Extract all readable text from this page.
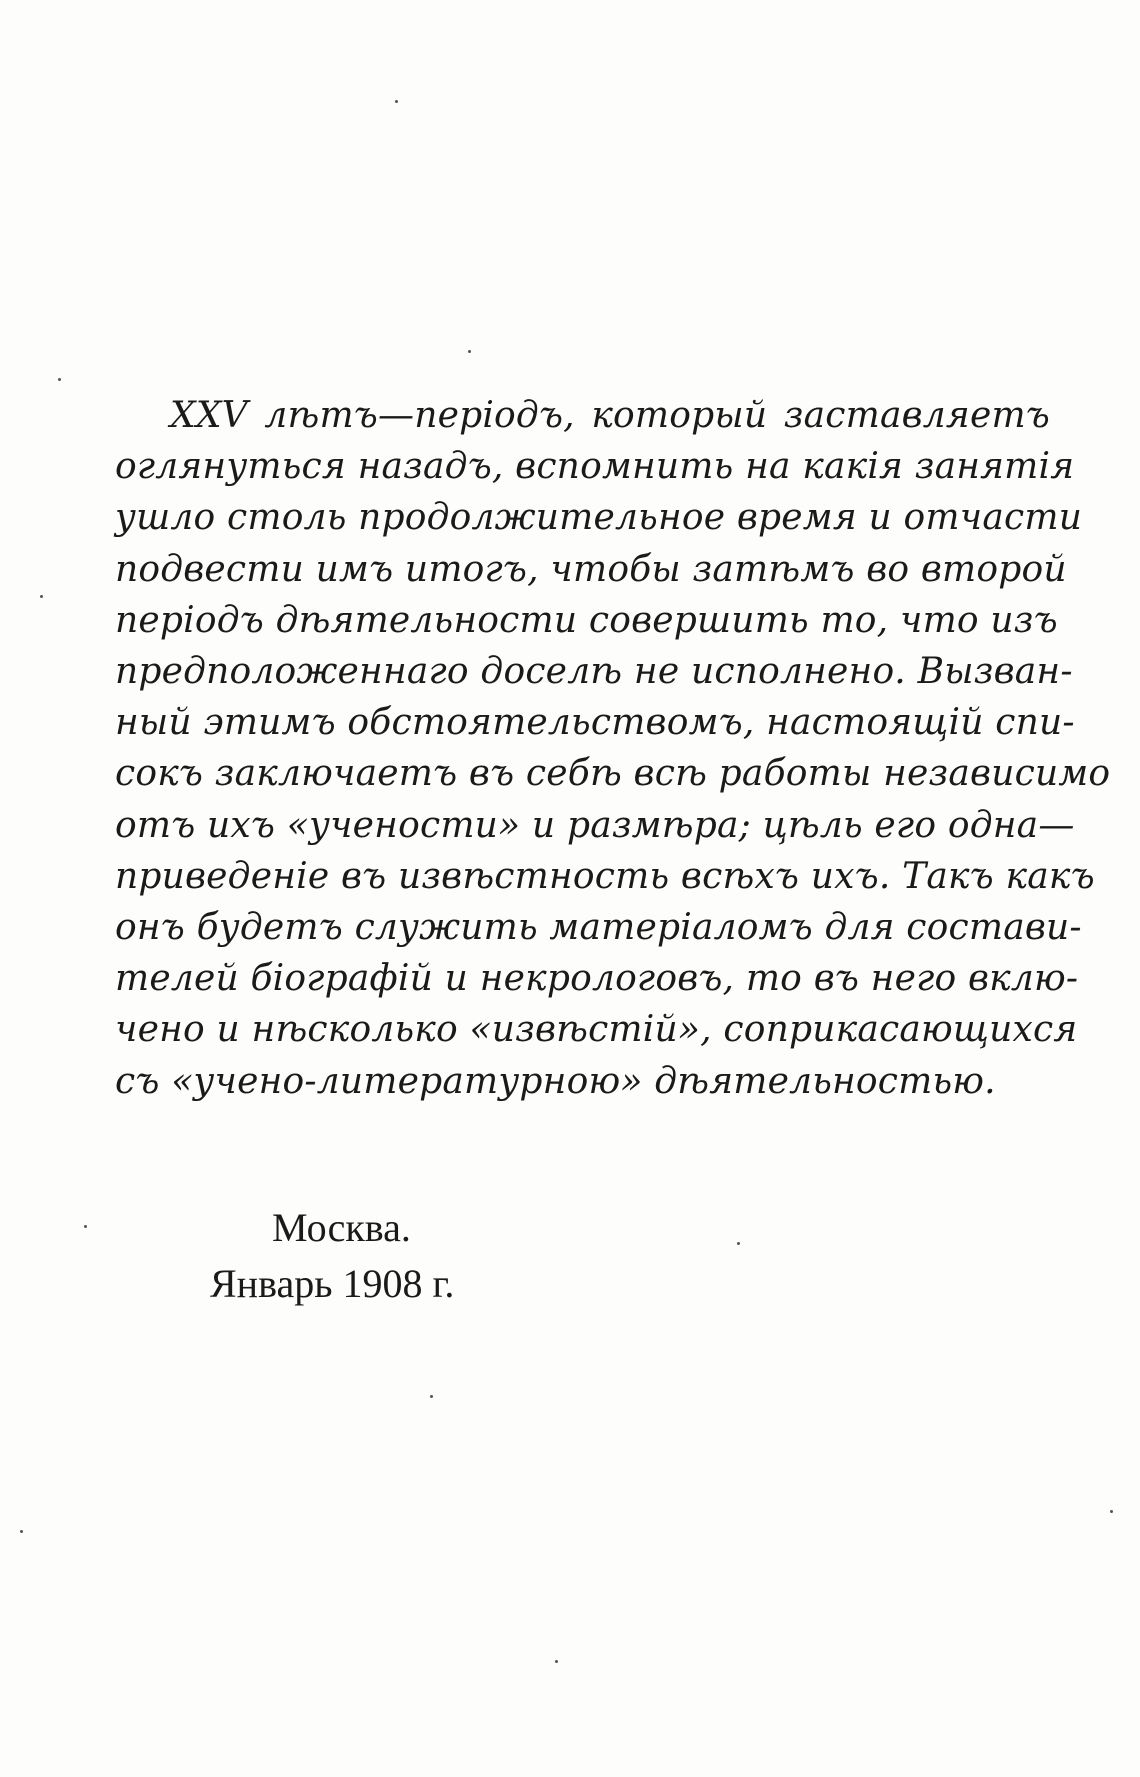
XXV лѣтъ—періодъ, который заставляетъ
оглянуться назадъ, вспомнить на какія занятія
ушло столь продолжительное время и отчасти
подвести имъ итогъ, чтобы затѣмъ во второй
періодъ дѣятельности совершить то, что изъ
предположеннаго доселѣ не исполнено. Вызван-
ный этимъ обстоятельствомъ, настоящій спи-
сокъ заключаетъ въ себѣ всѣ работы независимо
отъ ихъ «учености» и размѣра; цѣль его одна—
приведеніе въ извѣстность всѣхъ ихъ. Такъ какъ
онъ будетъ служить матеріаломъ для состави-
телей біографій и некрологовъ, то въ него вклю-
чено и нѣсколько «извѣстій», соприкасающихся
съ «учено-литературною» дѣятельностью.
Москва.
Январь 1908 г.
